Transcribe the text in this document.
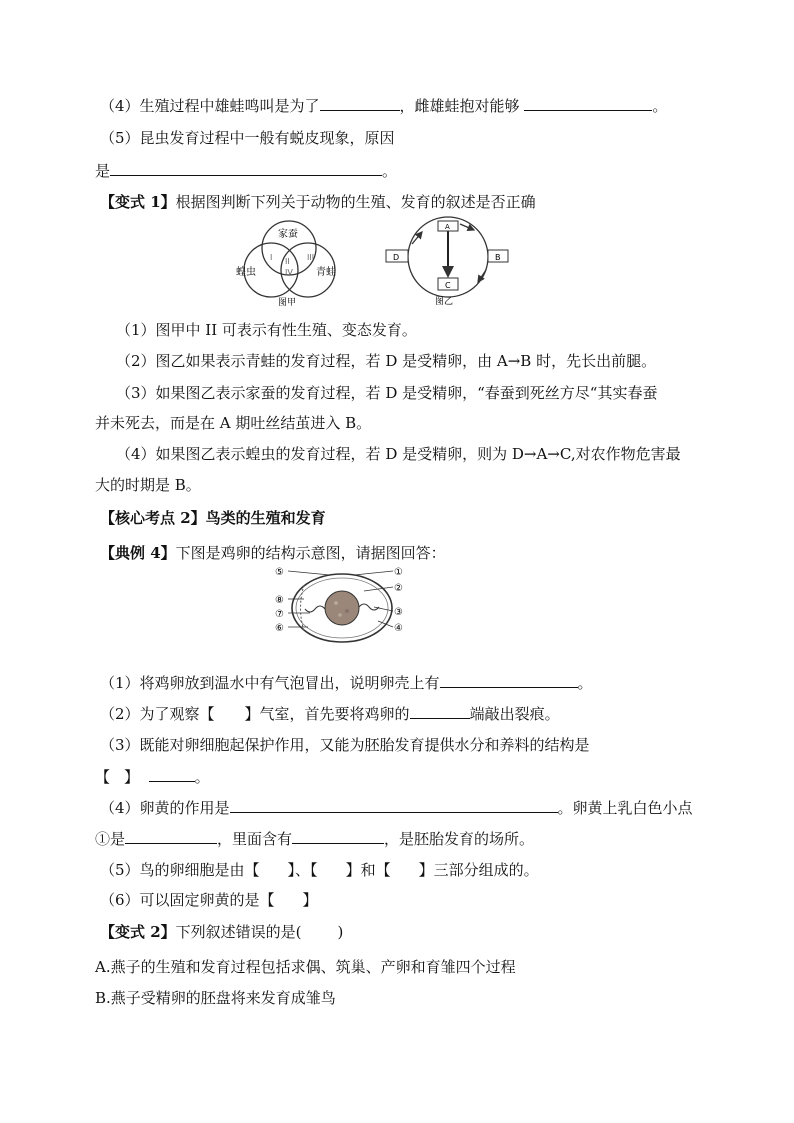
（4）生殖过程中雄蛙鸣叫是为了	，雌雄蛙抱对能够	。
（5）昆虫发育过程中一般有蜕皮现象，原因
是	。
【变式 1】根据图判断下列关于动物的生殖、发育的叙述是否正确
家蚕
蝗虫	青蛙
I II III
IV
图甲
A
B
C
D
图乙
（1）图甲中 II 可表示有性生殖、变态发育。
（2）图乙如果表示青蛙的发育过程，若 D 是受精卵，由 A→B 时，先长出前腿。
（3）如果图乙表示家蚕的发育过程，若 D 是受精卵，“春蚕到死丝方尽“其实春蚕
并未死去，而是在 A 期吐丝结茧进入 B。
（4）如果图乙表示蝗虫的发育过程，若 D 是受精卵，则为 D→A→C,对农作物危害最
大的时期是 B。
【核心考点 2】鸟类的生殖和发育
【典例 4】下图是鸡卵的结构示意图，请据图回答：
①
②
③
④
⑤
⑧
⑦
⑥
（1）将鸡卵放到温水中有气泡冒出，说明卵壳上有	。
（2）为了观察【 】气室，首先要将鸡卵的	端敲出裂痕。
（3）既能对卵细胞起保护作用，又能为胚胎发育提供水分和养料的结构是
【 】	。
（4）卵黄的作用是	。卵黄上乳白色小点
①是	，里面含有	，是胚胎发育的场所。
（5）鸟的卵细胞是由【 】、【 】和【 】三部分组成的。
（6）可以固定卵黄的是【 】
【变式 2】下列叙述错误的是( )
A.燕子的生殖和发育过程包括求偶、筑巢、产卵和育雏四个过程
B.燕子受精卵的胚盘将来发育成雏鸟
